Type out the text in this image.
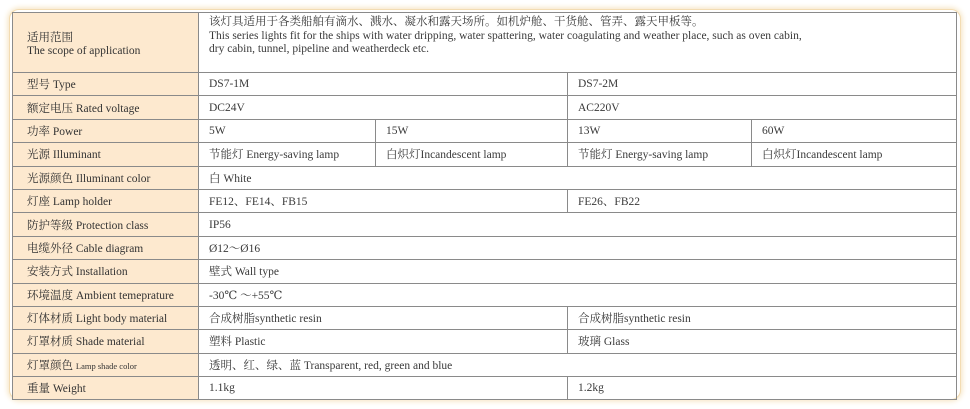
适用范围
The scope of application	该灯具适用于各类船舶有滴水、溅水、凝水和露天场所。如机炉舱、干货舱、管弄、露天甲板等。
This series lights fit for the ships with water dripping, water spattering, water coagulating and weather place, such as oven cabin,
dry cabin, tunnel, pipeline and weatherdeck etc.			

型号 Type	DS7-1M		DS7-2M	
额定电压 Rated voltage	DC24V		AC220V	
功率 Power	5W	15W	13W	60W
光源 Illuminant	节能灯 Energy-saving lamp	白炽灯Incandescent lamp	节能灯 Energy-saving lamp	白炽灯Incandescent lamp
光源颜色 Illuminant color	白 White			
灯座 Lamp holder	FE12、FE14、FB15		FE26、FB22	
防护等级 Protection class	IP56			
电缆外径 Cable diagram	Ø12～Ø16			
安装方式 Installation	壁式 Wall type			
环境温度 Ambient temeprature	-30℃ ～+55℃			
灯体材质 Light body material	合成树脂synthetic resin		合成树脂synthetic resin	
灯罩材质 Shade material	塑料 Plastic		玻璃 Glass	
灯罩颜色 Lamp shade color	透明、红、绿、蓝 Transparent, red, green and blue			
重量 Weight	1.1kg		1.2kg	
